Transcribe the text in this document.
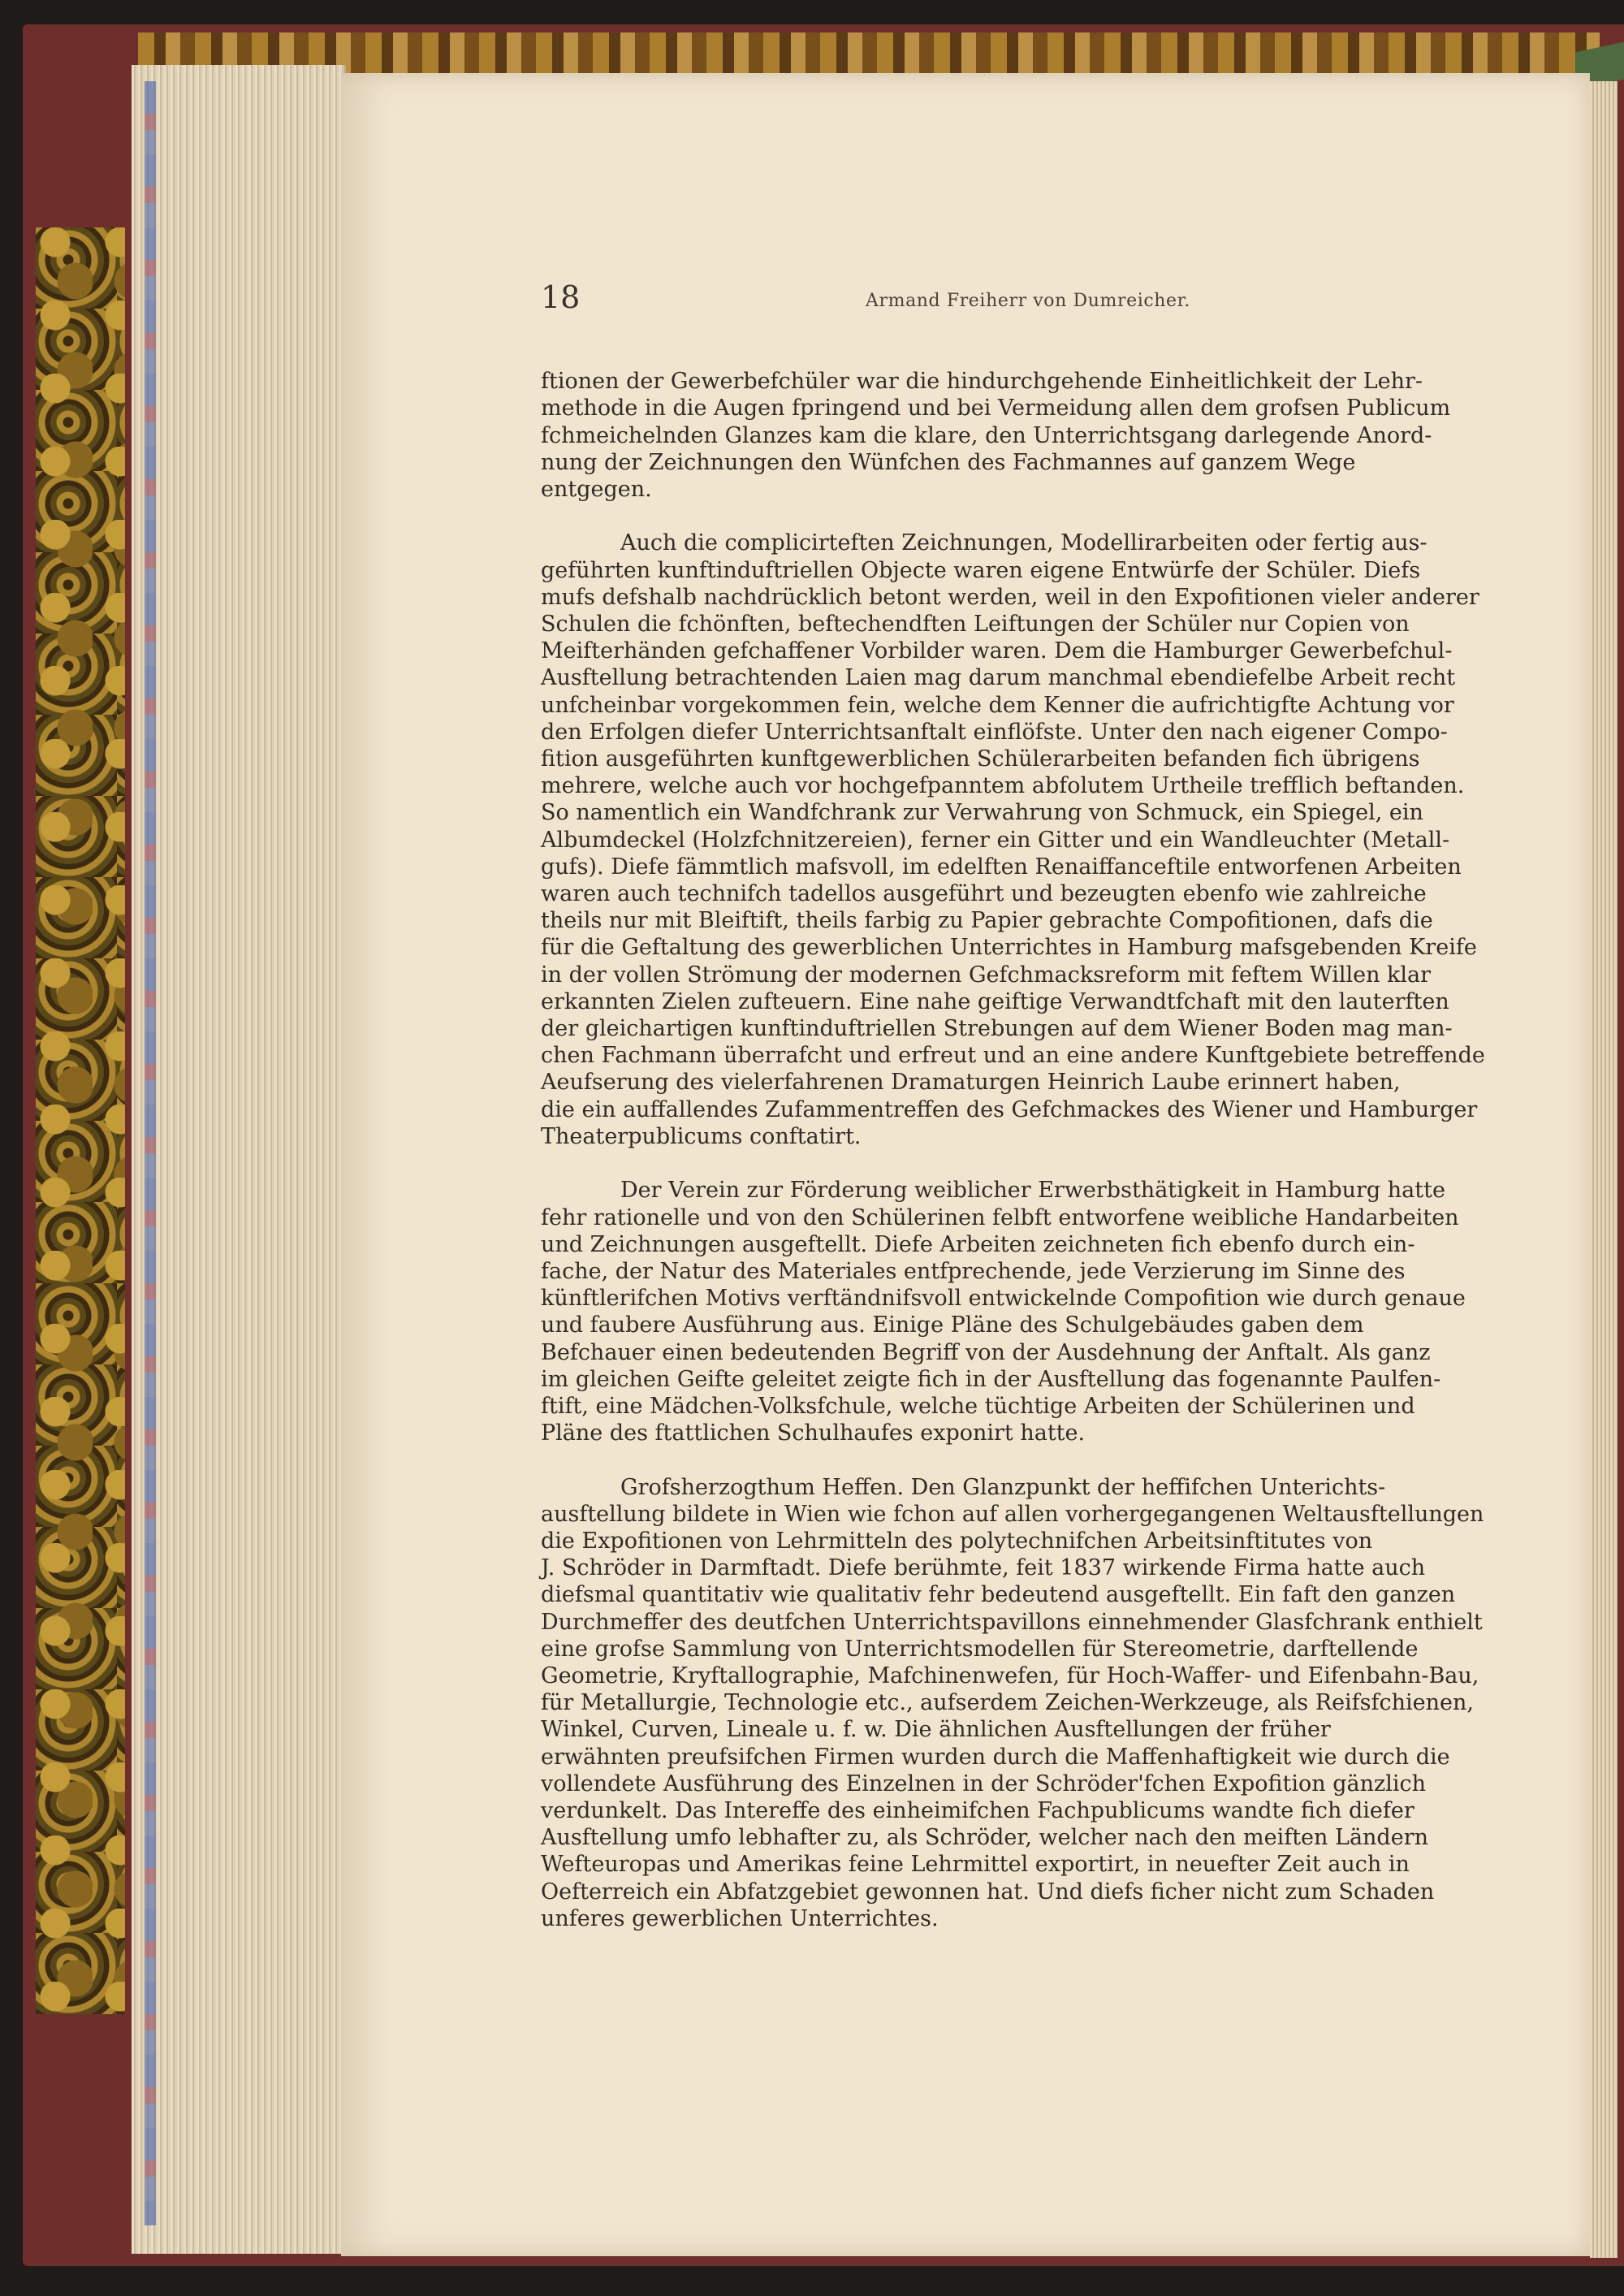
18	Armand Freiherr von Dumreicher.

ftionen der Gewerbefchüler war die hindurchgehende Einheitlichkeit der Lehr-
methode in die Augen fpringend und bei Vermeidung allen dem grofsen Publicum
fchmeichelnden Glanzes kam die klare, den Unterrichtsgang darlegende Anord-
nung der Zeichnungen den Wünfchen des Fachmannes auf ganzem Wege
entgegen.

Auch die complicirteften Zeichnungen, Modellirarbeiten oder fertig aus-
geführten kunftinduftriellen Objecte waren eigene Entwürfe der Schüler. Diefs
mufs defshalb nachdrücklich betont werden, weil in den Expofitionen vieler anderer
Schulen die fchönften, beftechendften Leiftungen der Schüler nur Copien von
Meifterhänden gefchaffener Vorbilder waren. Dem die Hamburger Gewerbefchul-
Ausftellung betrachtenden Laien mag darum manchmal ebendiefelbe Arbeit recht
unfcheinbar vorgekommen fein, welche dem Kenner die aufrichtigfte Achtung vor
den Erfolgen diefer Unterrichtsanftalt einflöfste. Unter den nach eigener Compo-
fition ausgeführten kunftgewerblichen Schülerarbeiten befanden fich übrigens
mehrere, welche auch vor hochgefpanntem abfolutem Urtheile trefflich beftanden.
So namentlich ein Wandfchrank zur Verwahrung von Schmuck, ein Spiegel, ein
Albumdeckel (Holzfchnitzereien), ferner ein Gitter und ein Wandleuchter (Metall-
gufs). Diefe fämmtlich mafsvoll, im edelften Renaiffanceftile entworfenen Arbeiten
waren auch technifch tadellos ausgeführt und bezeugten ebenfo wie zahlreiche
theils nur mit Bleiftift, theils farbig zu Papier gebrachte Compofitionen, dafs die
für die Geftaltung des gewerblichen Unterrichtes in Hamburg mafsgebenden Kreife
in der vollen Strömung der modernen Gefchmacksreform mit feftem Willen klar
erkannten Zielen zufteuern. Eine nahe geiftige Verwandtfchaft mit den lauterften
der gleichartigen kunftinduftriellen Strebungen auf dem Wiener Boden mag man-
chen Fachmann überrafcht und erfreut und an eine andere Kunftgebiete betreffende
Aeufserung des vielerfahrenen Dramaturgen Heinrich Laube erinnert haben,
die ein auffallendes Zufammentreffen des Gefchmackes des Wiener und Hamburger
Theaterpublicums conftatirt.

Der Verein zur Förderung weiblicher Erwerbsthätigkeit in Hamburg hatte
fehr rationelle und von den Schülerinen felbft entworfene weibliche Handarbeiten
und Zeichnungen ausgeftellt. Diefe Arbeiten zeichneten fich ebenfo durch ein-
fache, der Natur des Materiales entfprechende, jede Verzierung im Sinne des
künftlerifchen Motivs verftändnifsvoll entwickelnde Compofition wie durch genaue
und faubere Ausführung aus. Einige Pläne des Schulgebäudes gaben dem
Befchauer einen bedeutenden Begriff von der Ausdehnung der Anftalt. Als ganz
im gleichen Geifte geleitet zeigte fich in der Ausftellung das fogenannte Paulfen-
ftift, eine Mädchen-Volksfchule, welche tüchtige Arbeiten der Schülerinen und
Pläne des ftattlichen Schulhaufes exponirt hatte.

Grofsherzogthum Heffen. Den Glanzpunkt der heffifchen Unterichts-
ausftellung bildete in Wien wie fchon auf allen vorhergegangenen Weltausftellungen
die Expofitionen von Lehrmitteln des polytechnifchen Arbeitsinftitutes von
J. Schröder in Darmftadt. Diefe berühmte, feit 1837 wirkende Firma hatte auch
diefsmal quantitativ wie qualitativ fehr bedeutend ausgeftellt. Ein faft den ganzen
Durchmeffer des deutfchen Unterrichtspavillons einnehmender Glasfchrank enthielt
eine grofse Sammlung von Unterrichtsmodellen für Stereometrie, darftellende
Geometrie, Kryftallographie, Mafchinenwefen, für Hoch-Waffer- und Eifenbahn-Bau,
für Metallurgie, Technologie etc., aufserdem Zeichen-Werkzeuge, als Reifsfchienen,
Winkel, Curven, Lineale u. f. w. Die ähnlichen Ausftellungen der früher
erwähnten preufsifchen Firmen wurden durch die Maffenhaftigkeit wie durch die
vollendete Ausführung des Einzelnen in der Schröder'fchen Expofition gänzlich
verdunkelt. Das Intereffe des einheimifchen Fachpublicums wandte fich diefer
Ausftellung umfo lebhafter zu, als Schröder, welcher nach den meiften Ländern
Wefteuropas und Amerikas feine Lehrmittel exportirt, in neuefter Zeit auch in
Oefterreich ein Abfatzgebiet gewonnen hat. Und diefs ficher nicht zum Schaden
unferes gewerblichen Unterrichtes.
